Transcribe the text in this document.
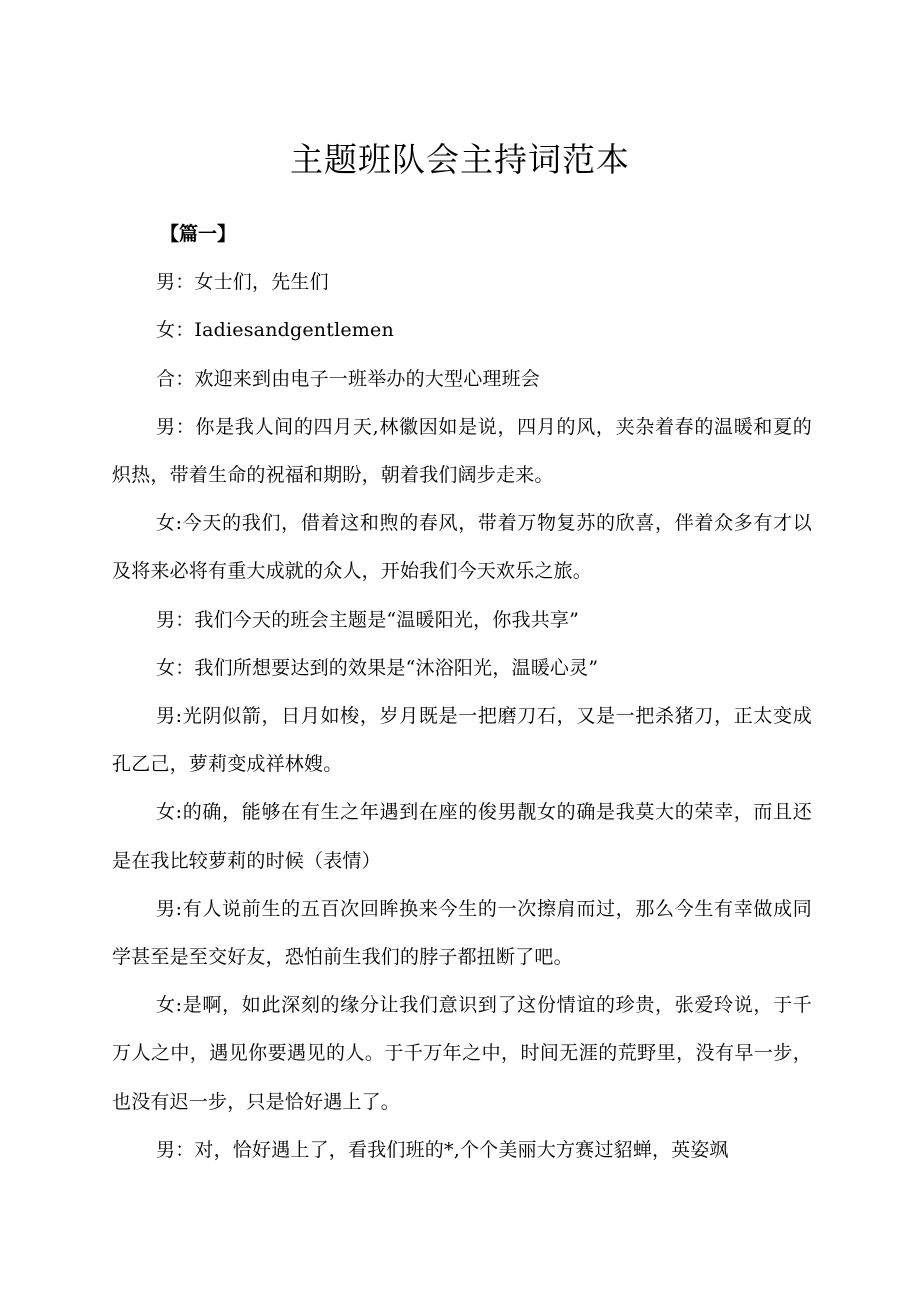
主题班队会主持词范本

【篇一】

男：女士们，先生们

女：Iadiesandgentlemen

合：欢迎来到由电子一班举办的大型心理班会

男：你是我人间的四月天,林徽因如是说，四月的风，夹杂着春的温暖和夏的炽热，带着生命的祝福和期盼，朝着我们阔步走来。

女:今天的我们，借着这和煦的春风，带着万物复苏的欣喜，伴着众多有才以及将来必将有重大成就的众人，开始我们今天欢乐之旅。

男：我们今天的班会主题是“温暖阳光，你我共享”

女：我们所想要达到的效果是“沐浴阳光，温暖心灵”

男:光阴似箭，日月如梭，岁月既是一把磨刀石，又是一把杀猪刀，正太变成孔乙己，萝莉变成祥林嫂。

女:的确，能够在有生之年遇到在座的俊男靓女的确是我莫大的荣幸，而且还是在我比较萝莉的时候（表情）

男:有人说前生的五百次回眸换来今生的一次擦肩而过，那么今生有幸做成同学甚至是至交好友，恐怕前生我们的脖子都扭断了吧。

女:是啊，如此深刻的缘分让我们意识到了这份情谊的珍贵，张爱玲说，于千万人之中，遇见你要遇见的人。于千万年之中，时间无涯的荒野里，没有早一步，也没有迟一步，只是恰好遇上了。

男：对，恰好遇上了，看我们班的*,个个美丽大方赛过貂蝉，英姿飒
